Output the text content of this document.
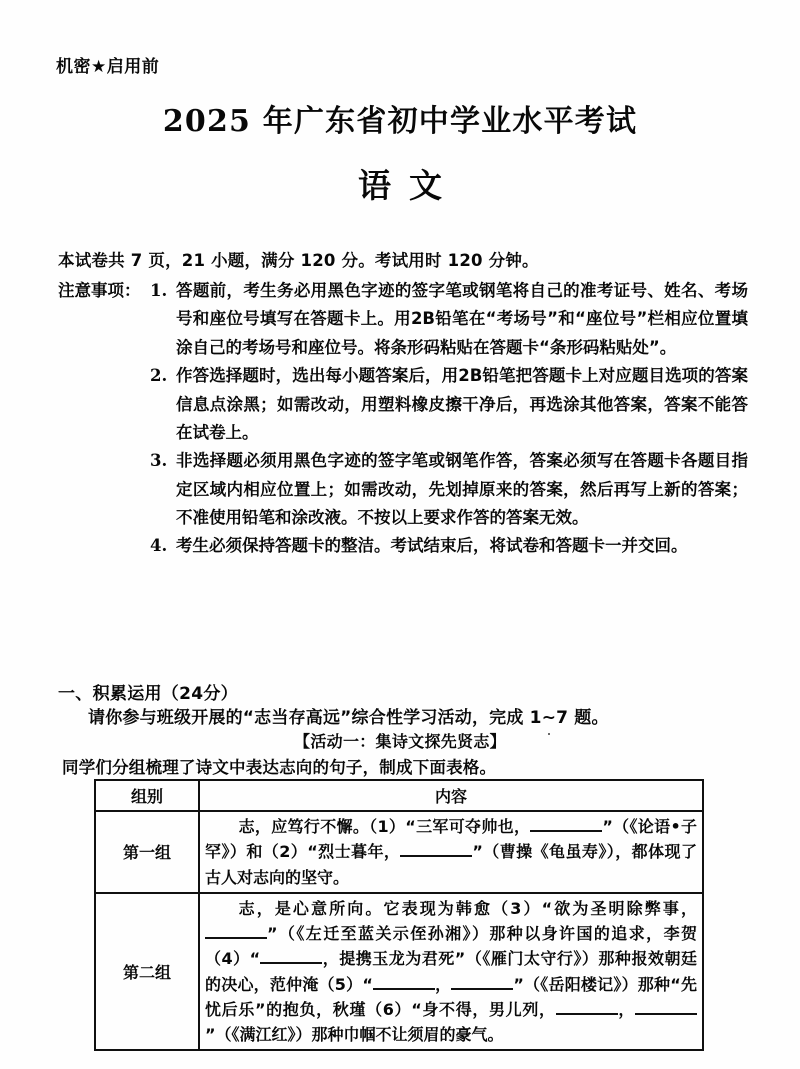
机密★启用前
2025 年广东省初中学业水平考试
语文
本试卷共 7 页，21 小题，满分 120 分。考试用时 120 分钟。
注意事项： 1. 答题前，考生务必用黑色字迹的签字笔或钢笔将自己的准考证号、姓名、考场号和座位号填写在答题卡上。用2B铅笔在“考场号”和“座位号”栏相应位置填涂自己的考场号和座位号。将条形码粘贴在答题卡“条形码粘贴处”。
2. 作答选择题时，选出每小题答案后，用2B铅笔把答题卡上对应题目选项的答案信息点涂黑；如需改动，用塑料橡皮擦干净后，再选涂其他答案，答案不能答在试卷上。
3. 非选择题必须用黑色字迹的签字笔或钢笔作答，答案必须写在答题卡各题目指定区域内相应位置上；如需改动，先划掉原来的答案，然后再写上新的答案；不准使用铅笔和涂改液。不按以上要求作答的答案无效。
4. 考生必须保持答题卡的整洁。考试结束后，将试卷和答题卡一并交回。
一、积累运用（24分）
请你参与班级开展的“志当存高远”综合性学习活动，完成 1~7 题。
【活动一：集诗文探先贤志】
同学们分组梳理了诗文中表达志向的句子，制成下面表格。
组别	内容
第一组	志，应笃行不懈。（1）“三军可夺帅也， ”（《论语•子罕》）和（2）“烈士暮年， ”（曹操《龟虽寿》），都体现了古人对志向的坚守。
第二组	志，是心意所向。它表现为韩愈（3）“欲为圣明除弊事，”（《左迁至蓝关示侄孙湘》）那种以身许国的追求，李贺（4）“ ，提携玉龙为君死”（《雁门太守行》）那种报效朝廷的决心，范仲淹（5）“ ， ”（《岳阳楼记》）那种“先忧后乐”的抱负，秋瑾（6）“身不得，男儿列， ，”（《满江红》）那种巾帼不让须眉的豪气。
